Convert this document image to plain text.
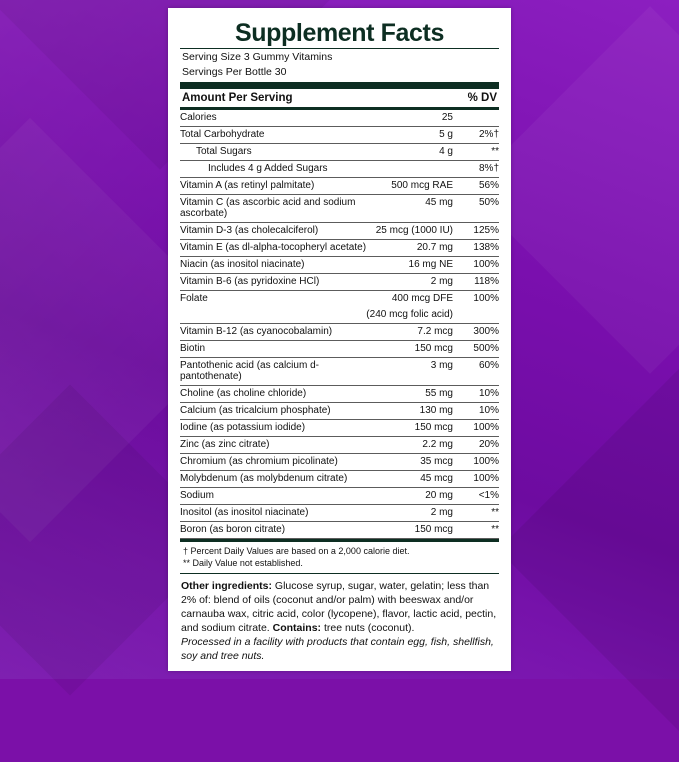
Supplement Facts
Serving Size 3 Gummy Vitamins
Servings Per Bottle 30
Amount Per Serving	% DV
Calories	25	
Total Carbohydrate	5 g	2%†
Total Sugars	4 g	**
Includes 4 g Added Sugars		8%†
Vitamin A (as retinyl palmitate)	500 mcg RAE	56%
Vitamin C (as ascorbic acid and sodium ascorbate)	45 mg	50%
Vitamin D-3 (as cholecalciferol)	25 mcg (1000 IU)	125%
Vitamin E (as dl-alpha-tocopheryl acetate)	20.7 mg	138%
Niacin (as inositol niacinate)	16 mg NE	100%
Vitamin B-6 (as pyridoxine HCl)	2 mg	118%
Folate	400 mcg DFE	100%
	(240 mcg folic acid)	
Vitamin B-12 (as cyanocobalamin)	7.2 mcg	300%
Biotin	150 mcg	500%
Pantothenic acid (as calcium d-pantothenate)	3 mg	60%
Choline (as choline chloride)	55 mg	10%
Calcium (as tricalcium phosphate)	130 mg	10%
Iodine (as potassium iodide)	150 mcg	100%
Zinc (as zinc citrate)	2.2 mg	20%
Chromium (as chromium picolinate)	35 mcg	100%
Molybdenum (as molybdenum citrate)	45 mcg	100%
Sodium	20 mg	<1%
Inositol (as inositol niacinate)	2 mg	**
Boron (as boron citrate)	150 mcg	**
† Percent Daily Values are based on a 2,000 calorie diet.
** Daily Value not established.
Other ingredients: Glucose syrup, sugar, water, gelatin; less than 2% of: blend of oils (coconut and/or palm) with beeswax and/or carnauba wax, citric acid, color (lycopene), flavor, lactic acid, pectin, and sodium citrate. Contains: tree nuts (coconut).
Processed in a facility with products that contain egg, fish, shellfish, soy and tree nuts.
